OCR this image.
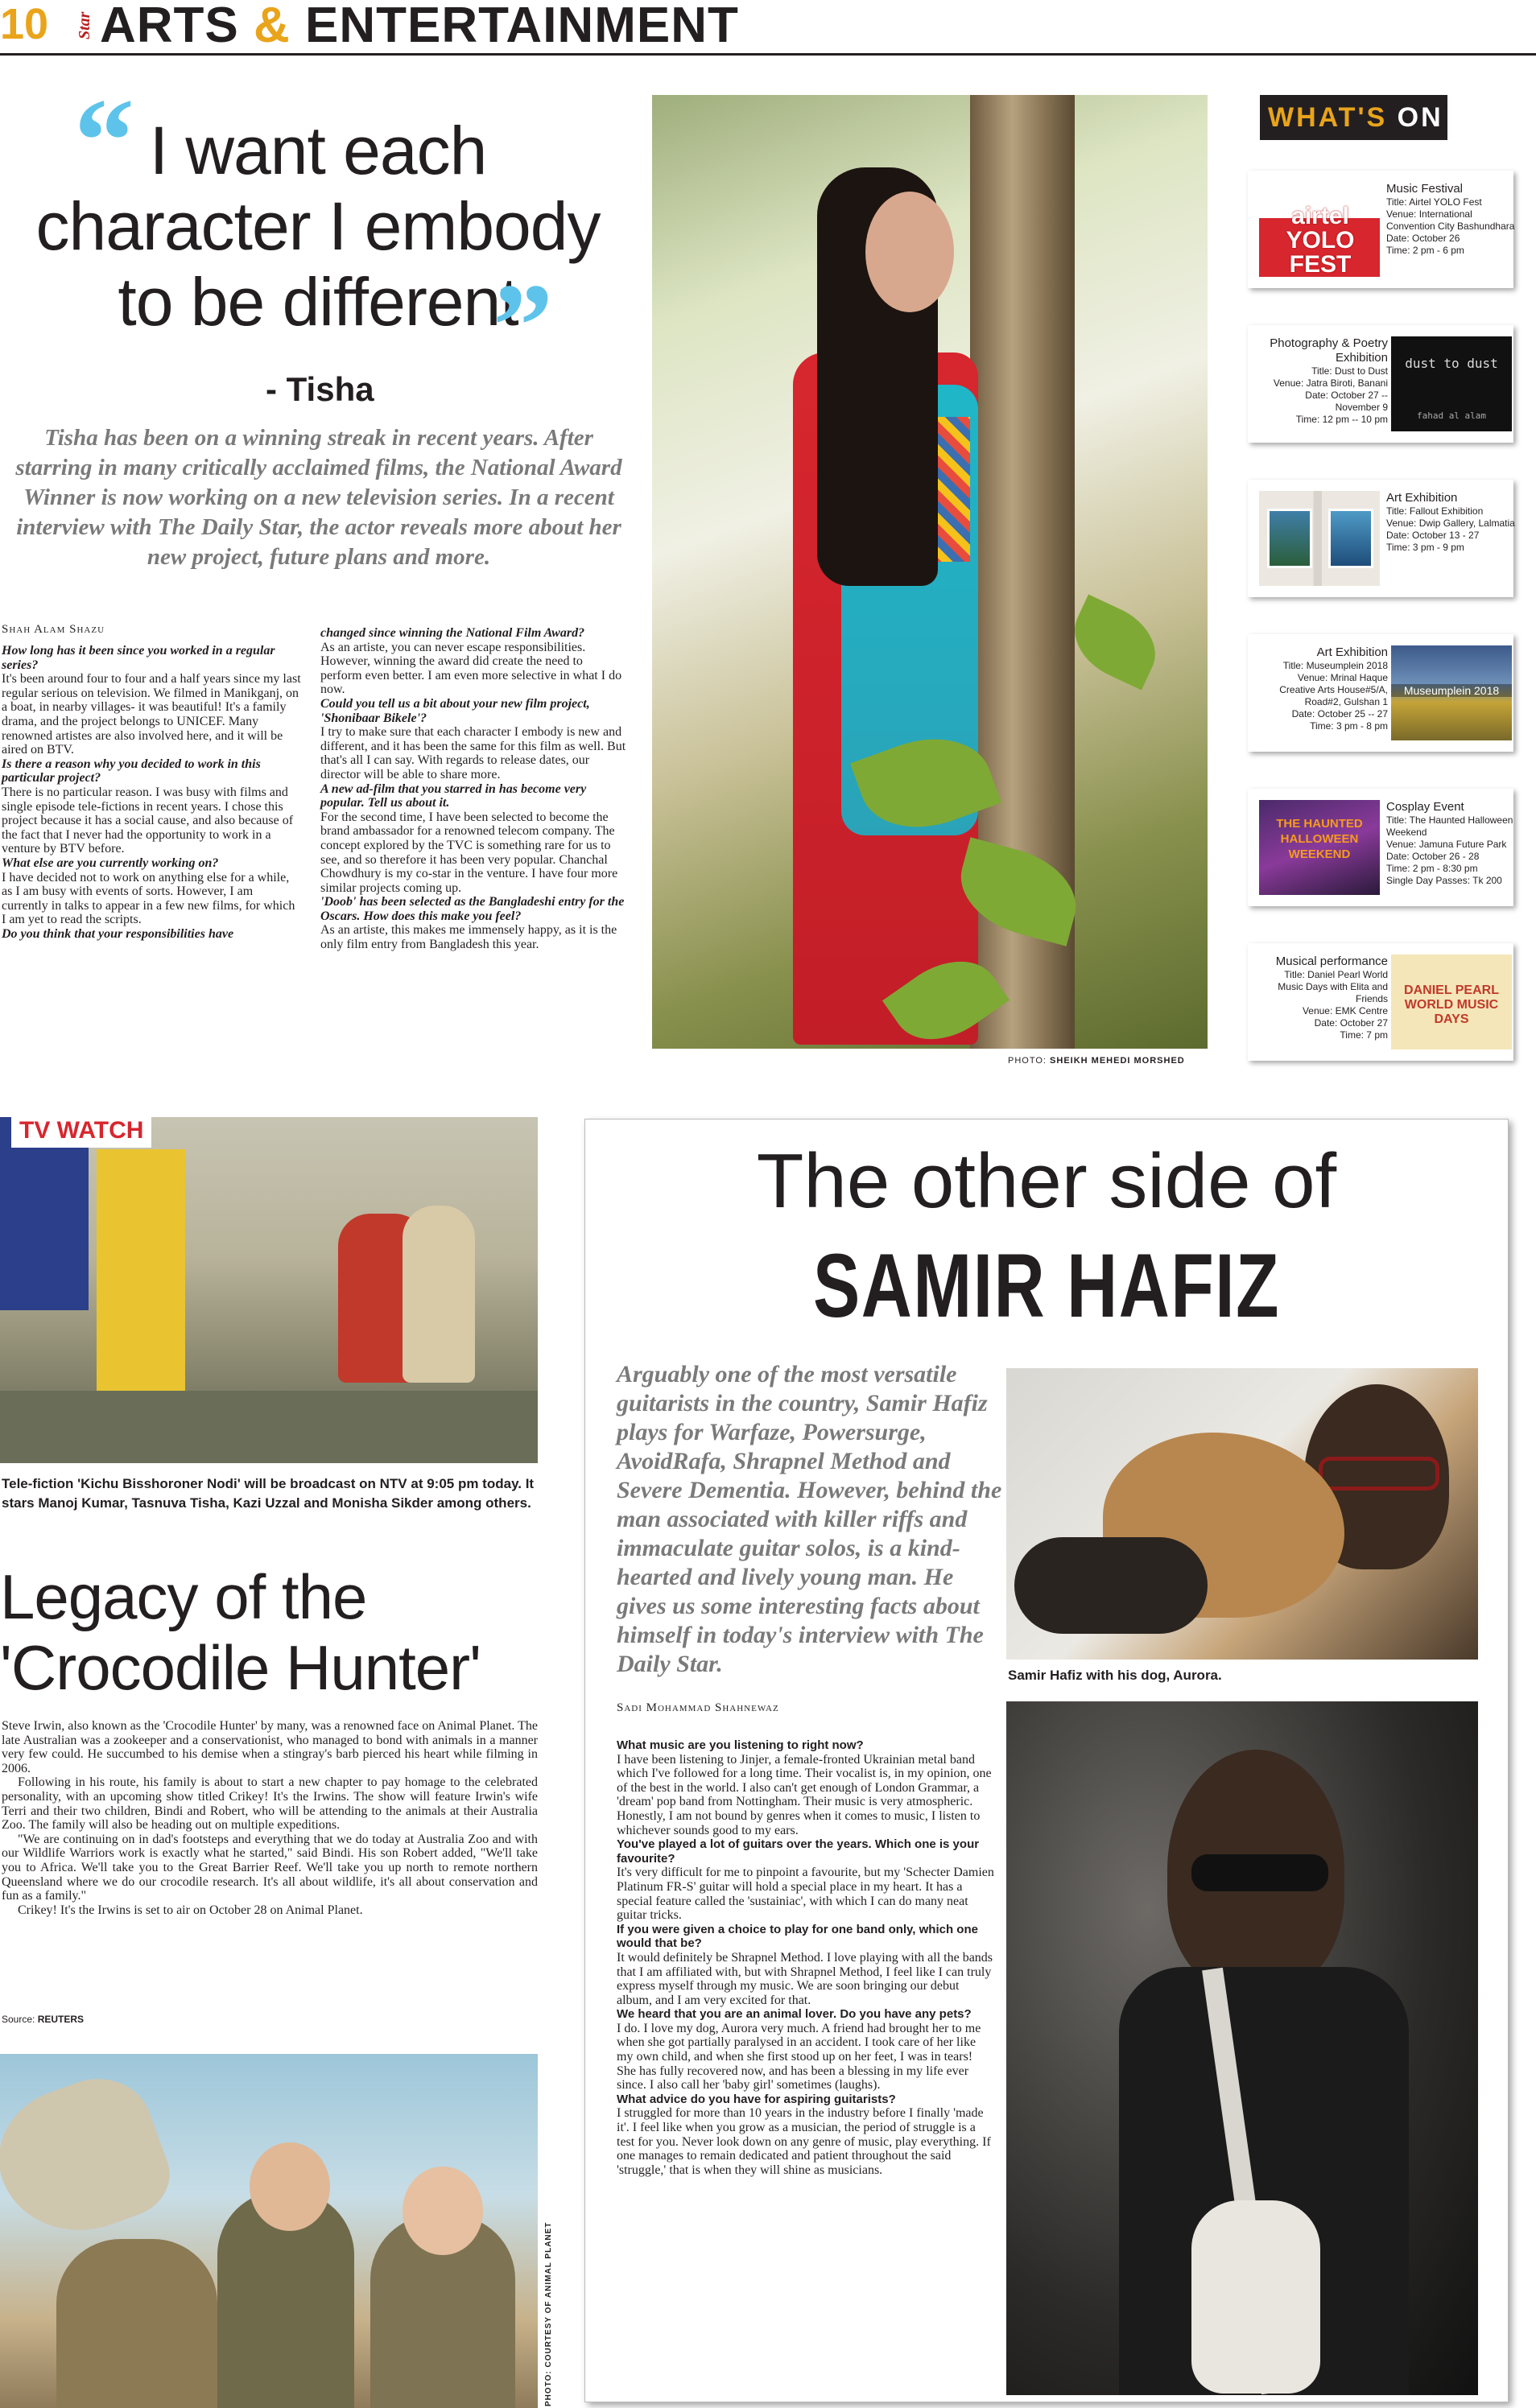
10 Star ARTS & ENTERTAINMENT
“ I want each character I embody to be different
”
- Tisha
Tisha has been on a winning streak in recent years. After starring in many critically acclaimed films, the National Award Winner is now working on a new television series. In a recent interview with The Daily Star, the actor reveals more about her new project, future plans and more.
Shah Alam Shazu

How long has it been since you worked in a regular series?

It's been around four to four and a half years since my last regular serious on television. We filmed in Manikganj, on a boat, in nearby villages- it was beautiful! It's a family drama, and the project belongs to UNICEF. Many renowned artistes are also involved here, and it will be aired on BTV.

Is there a reason why you decided to work in this particular project?

There is no particular reason. I was busy with films and single episode tele-fictions in recent years. I chose this project because it has a social cause, and also because of the fact that I never had the opportunity to work in a venture by BTV before.

What else are you currently working on?

I have decided not to work on anything else for a while, as I am busy with events of sorts. However, I am currently in talks to appear in a few new films, for which I am yet to read the scripts.

Do you think that your responsibilities have

changed since winning the National Film Award?

As an artiste, you can never escape responsibilities. However, winning the award did create the need to perform even better. I am even more selective in what I do now.

Could you tell us a bit about your new film project, 'Shonibaar Bikele'?

I try to make sure that each character I embody is new and different, and it has been the same for this film as well. But that's all I can say. With regards to release dates, our director will be able to share more.

A new ad-film that you starred in has become very popular. Tell us about it.

For the second time, I have been selected to become the brand ambassador for a renowned telecom company. The concept explored by the TVC is something rare for us to see, and so therefore it has been very popular. Chanchal Chowdhury is my co-star in the venture. I have four more similar projects coming up.

'Doob' has been selected as the Bangladeshi entry for the Oscars. How does this make you feel?

As an artiste, this makes me immensely happy, as it is the only film entry from Bangladesh this year.

PHOTO: SHEIKH MEHEDI MORSHED
WHAT'S ON
airtel YOLO FEST
Music Festival
Title: Airtel YOLO Fest
Venue: International Convention City Bashundhara
Date: October 26
Time: 2 pm - 6 pm
Photography & Poetry Exhibition
Title: Dust to Dust
Venue: Jatra Biroti, Banani
Date: October 27 -- November 9
Time: 12 pm -- 10 pm
dust to dust
fahad al alam
Art Exhibition
Title: Fallout Exhibition
Venue: Dwip Gallery, Lalmatia
Date: October 13 - 27
Time: 3 pm - 9 pm
Art Exhibition
Title: Museumplein 2018
Venue: Mrinal Haque Creative Arts House#5/A, Road#2, Gulshan 1
Date: October 25 -- 27
Time: 3 pm - 8 pm
Museumplein 2018
THE HAUNTED HALLOWEEN WEEKEND
Cosplay Event
Title: The Haunted Halloween Weekend
Venue: Jamuna Future Park
Date: October 26 - 28
Time: 2 pm - 8:30 pm
Single Day Passes: Tk 200
Musical performance
Title: Daniel Pearl World Music Days with Elita and Friends
Venue: EMK Centre
Date: October 27
Time: 7 pm
DANIEL PEARL WORLD MUSIC DAYS
TV WATCH
Tele-fiction 'Kichu Bisshoroner Nodi' will be broadcast on NTV at 9:05 pm today. It stars Manoj Kumar, Tasnuva Tisha, Kazi Uzzal and Monisha Sikder among others.
Legacy of the
'Crocodile Hunter'

Steve Irwin, also known as the 'Crocodile Hunter' by many, was a renowned face on Animal Planet. The late Australian was a zookeeper and a conservationist, who managed to bond with animals in a manner very few could. He succumbed to his demise when a stingray's barb pierced his heart while filming in 2006.

Following in his route, his family is about to start a new chapter to pay homage to the celebrated personality, with an upcoming show titled Crikey! It's the Irwins. The show will feature Irwin's wife Terri and their two children, Bindi and Robert, who will be attending to the animals at their Australia Zoo. The family will also be heading out on multiple expeditions.

"We are continuing on in dad's footsteps and everything that we do today at Australia Zoo and with our Wildlife Warriors work is exactly what he started," said Bindi. His son Robert added, "We'll take you to Africa. We'll take you to the Great Barrier Reef. We'll take you up north to remote northern Queensland where we do our crocodile research. It's all about wildlife, it's all about conservation and fun as a family."

Crikey! It's the Irwins is set to air on October 28 on Animal Planet.

Source: REUTERS
PHOTO: COURTESY OF ANIMAL PLANET
The other side of
SAMIR HAFIZ
Arguably one of the most versatile guitarists in the country, Samir Hafiz plays for Warfaze, Powersurge, AvoidRafa, Shrapnel Method and Severe Dementia. However, behind the man associated with killer riffs and immaculate guitar solos, is a kind-hearted and lively young man. He gives us some interesting facts about himself in today's interview with The Daily Star.	Samir Hafiz with his dog, Aurora.
Sadi Mohammad Shahnewaz

What music are you listening to right now?

I have been listening to Jinjer, a female-fronted Ukrainian metal band which I've followed for a long time. Their vocalist is, in my opinion, one of the best in the world. I also can't get enough of London Grammar, a 'dream' pop band from Nottingham. Their music is very atmospheric. Honestly, I am not bound by genres when it comes to music, I listen to whichever sounds good to my ears.

You've played a lot of guitars over the years. Which one is your favourite?

It's very difficult for me to pinpoint a favourite, but my 'Schecter Damien Platinum FR-S' guitar will hold a special place in my heart. It has a special feature called the 'sustainiac', with which I can do many neat guitar tricks.

If you were given a choice to play for one band only, which one would that be?

It would definitely be Shrapnel Method. I love playing with all the bands that I am affiliated with, but with Shrapnel Method, I feel like I can truly express myself through my music. We are soon bringing our debut album, and I am very excited for that.

We heard that you are an animal lover. Do you have any pets?

I do. I love my dog, Aurora very much. A friend had brought her to me when she got partially paralysed in an accident. I took care of her like my own child, and when she first stood up on her feet, I was in tears! She has fully recovered now, and has been a blessing in my life ever since. I also call her 'baby girl' sometimes (laughs).

What advice do you have for aspiring guitarists?

I struggled for more than 10 years in the industry before I finally 'made it'. I feel like when you grow as a musician, the period of struggle is a test for you. Never look down on any genre of music, play everything. If one manages to remain dedicated and patient throughout the said 'struggle,' that is when they will shine as musicians.
